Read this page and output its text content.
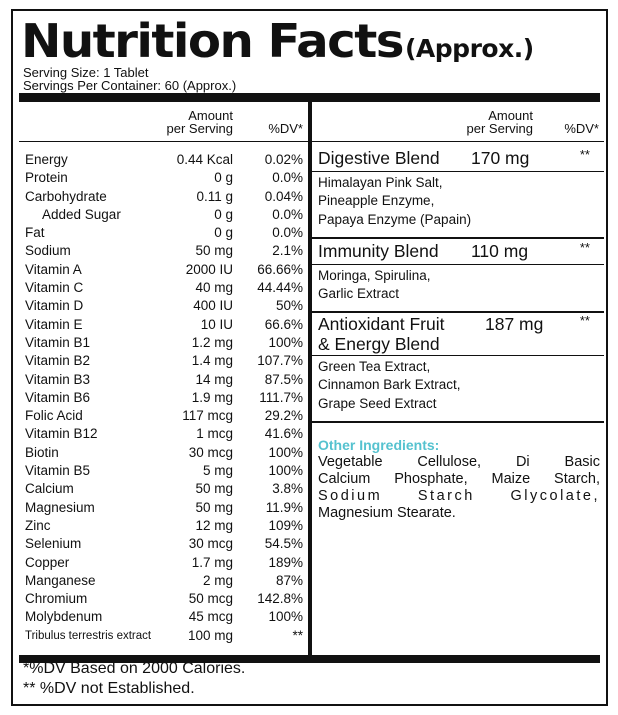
Nutrition Facts (Approx.)
Serving Size: 1 Tablet
Servings Per Container: 60 (Approx.)
Amount
per Serving	%DV*
Amount
per Serving	%DV*
Energy	0.44 Kcal	0.02%
Protein	0 g	0.0%
Carbohydrate	0.11 g	0.04%
Added Sugar	0 g	0.0%
Fat	0 g	0.0%
Sodium	50 mg	2.1%
Vitamin A	2000 IU	66.66%
Vitamin C	40 mg	44.44%
Vitamin D	400 IU	50%
Vitamin E	10 IU	66.6%
Vitamin B1	1.2 mg	100%
Vitamin B2	1.4 mg	107.7%
Vitamin B3	14 mg	87.5%
Vitamin B6	1.9 mg	111.7%
Folic Acid	117 mcg	29.2%
Vitamin B12	1 mcg	41.6%
Biotin	30 mcg	100%
Vitamin B5	5 mg	100%
Calcium	50 mg	3.8%
Magnesium	50 mg	11.9%
Zinc	12 mg	109%
Selenium	30 mcg	54.5%
Copper	1.7 mg	189%
Manganese	2 mg	87%
Chromium	50 mcg	142.8%
Molybdenum	45 mcg	100%
Tribulus terrestris extract	100 mg	**
Other Ingredients:
Vegetable Cellulose, Di Basic
Calcium Phosphate, Maize Starch,
Sodium Starch Glycolate,
Magnesium Stearate.
*%DV Based on 2000 Calories.
** %DV not Established.
Digestive Blend 170 mg	**
Himalayan Pink Salt,
Pineapple Enzyme,
Papaya Enzyme (Papain)
Immunity Blend 110 mg	**
Moringa, Spirulina,
Garlic Extract
Antioxidant Fruit
& Energy Blend
187 mg	**
Green Tea Extract,
Cinnamon Bark Extract,
Grape Seed Extract
